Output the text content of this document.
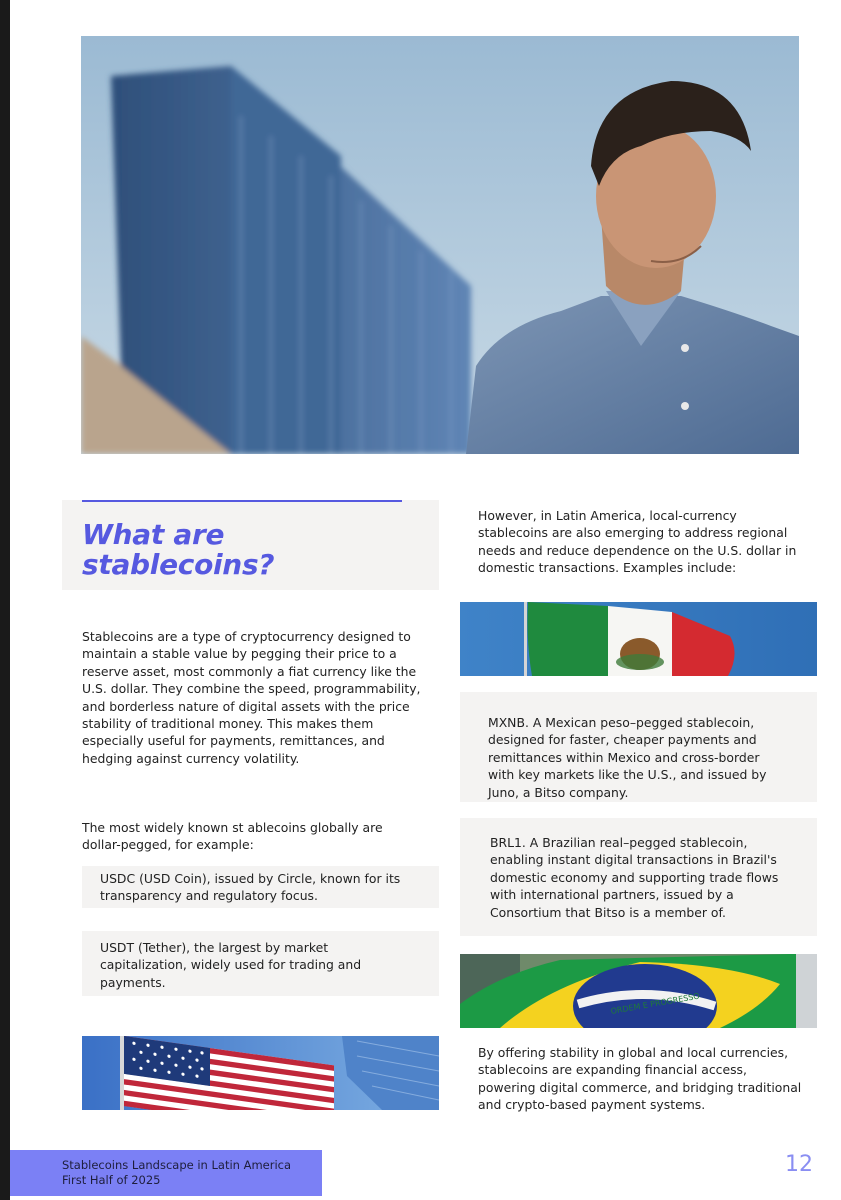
What are
stablecoins?
Stablecoins are a type of cryptocurrency designed to maintain a stable value by pegging their price to a reserve asset, most commonly a fiat currency like the U.S. dollar. They combine the speed, programmability, and borderless nature of digital assets with the price stability of traditional money. This makes them especially useful for payments, remittances, and hedging against currency volatility.
The most widely known st ablecoins globally are dollar-pegged, for example:
USDC (USD Coin), issued by Circle, known for its transparency and regulatory focus.
USDT (Tether), the largest by market capitalization, widely used for trading and payments.
However, in Latin America, local-currency stablecoins are also emerging to address regional needs and reduce dependence on the U.S. dollar in domestic transactions. Examples include:
MXNB. A Mexican peso–pegged stablecoin, designed for faster, cheaper payments and remittances within Mexico and cross-border with key markets like the U.S., and issued by Juno, a Bitso company.
BRL1. A Brazilian real–pegged stablecoin, enabling instant digital transactions in Brazil's domestic economy and supporting trade flows with international partners, issued by a Consortium that Bitso is a member of.
ORDEM E PROGRESSO
By offering stability in global and local currencies, stablecoins are expanding financial access, powering digital commerce, and bridging traditional and crypto-based payment systems.
Stablecoins Landscape in Latin America
First Half of 2025
12
